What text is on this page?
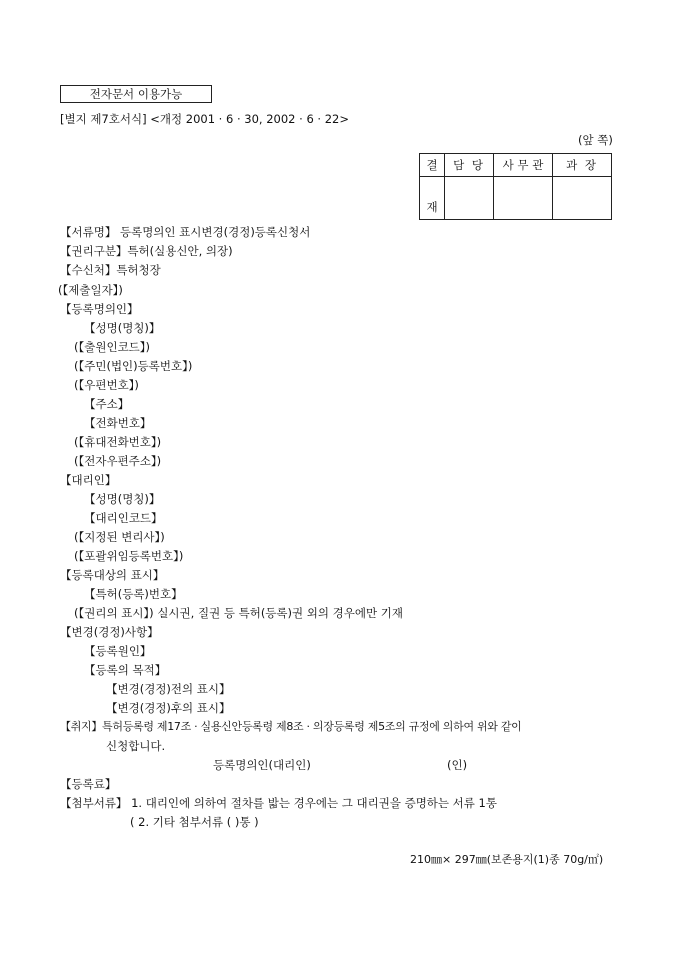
전자문서 이용가능
[별지 제7호서식] <개정 2001 · 6 · 30, 2002 · 6 · 22>
(앞 쪽)
결	담 당	사 무 관	과 장
재			
【서류명】 등록명의인 표시변경(경정)등록신청서
【권리구분】특허(실용신안, 의장)
【수신처】특허청장
(【제출일자】)
【등록명의인】
【성명(명칭)】
(【출원인코드】)
(【주민(법인)등록번호】)
(【우편번호】)
【주소】
【전화번호】
(【휴대전화번호】)
(【전자우편주소】)
【대리인】
【성명(명칭)】
【대리인코드】
(【지정된 변리사】)
(【포괄위임등록번호】)
【등록대상의 표시】
【특허(등록)번호】
(【권리의 표시】) 실시권, 질권 등 특허(등록)권 외의 경우에만 기재
【변경(경정)사항】
【등록원인】
【등록의 목적】
【변경(경정)전의 표시】
【변경(경정)후의 표시】
【취지】특허등록령 제17조 · 실용신안등록령 제8조 · 의장등록령 제5조의 규정에 의하여 위와 같이
신청합니다.
등록명의인(대리인)	(인)
【등록료】
【첨부서류】 1. 대리인에 의하여 절차를 밟는 경우에는 그 대리권을 증명하는 서류 1통
( 2. 기타 첨부서류 ( )통 )
210㎜× 297㎜(보존용지(1)종 70g/㎡)
